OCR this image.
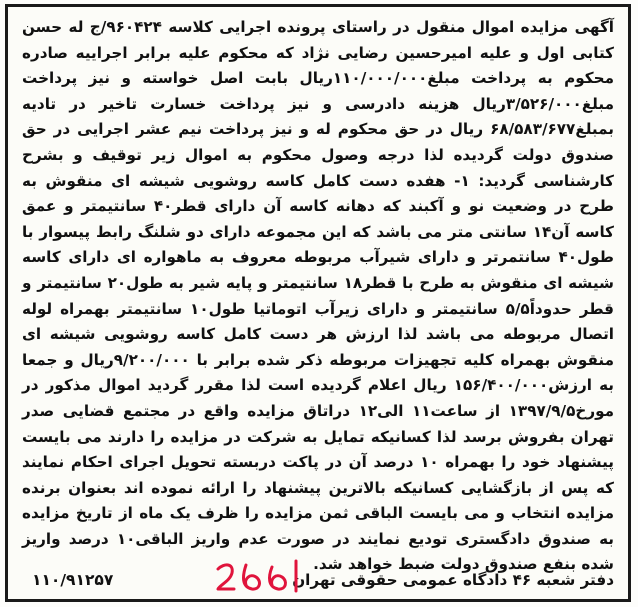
آگهی مزایده اموال منقول در راستای پرونده اجرایی کلاسه ۹۶۰۴۲۴/ج له حسن کتابی اول و علیه امیرحسین رضایی نژاد که محکوم علیه برابر اجراییه صادره محکوم به پرداخت مبلغ۱۱۰/۰۰۰/۰۰۰ریال بابت اصل خواسته و نیز پرداخت مبلغ۳/۵۲۶/۰۰۰ریال هزینه دادرسی و نیز پرداخت خسارت تاخیر در تادیه بمبلغ۶۸/۵۸۳/۶۷۷ ریال در حق محکوم له و نیز پرداخت نیم عشر اجرایی در حق صندوق دولت گردیده لذا درجه وصول محکوم به اموال زیر توقیف و بشرح کارشناسی گردید: ۱- هفده دست کامل کاسه روشویی شیشه ای منقوش به طرح در وضعیت نو و آکبند که دهانه کاسه آن دارای قطر۴۰ سانتیمتر و عمق کاسه آن۱۴ سانتی متر می باشد که این مجموعه دارای دو شلنگ رابط پیسوار با طول۴۰ سانتمرتر و دارای شیرآب مربوطه معروف به ماهواره ای دارای کاسه شیشه ای منقوش به طرح با قطر۱۸ سانتیمتر و پایه شیر به طول۲۰ سانتیمتر و قطر حدوداً۵/۵ سانتیمتر و دارای زیرآب اتوماتیا طول۱۰ سانتیمتر بهمراه لوله اتصال مربوطه می باشد لذا ارزش هر دست کامل کاسه روشویی شیشه ای منقوش بهمراه کلیه تجهیزات مربوطه ذکر شده برابر با ۹/۲۰۰/۰۰۰ریال و جمعا به ارزش۱۵۶/۴۰۰/۰۰۰ ریال اعلام گردیده است لذا مقرر گردید اموال مذکور در مورخ۱۳۹۷/۹/۵ از ساعت۱۱ الی۱۲ دراتاق مزایده واقع در مجتمع قضایی صدر تهران بفروش برسد لذا کسانیکه تمایل به شرکت در مزایده را دارند می بایست پیشنهاد خود را بهمراه ۱۰ درصد آن در پاکت دربسته تحویل اجرای احکام نمایند که پس از بازگشایی کسانیکه بالاترین پیشنهاد را ارائه نموده اند بعنوان برنده مزایده انتخاب و می بایست الباقی ثمن مزایده را ظرف یک ماه از تاریخ مزایده به صندوق دادگستری تودیع نمایند در صورت عدم واریز الباقی۱۰ درصد واریز شده بنفع صندوق دولت ضبط خواهد شد.
دفتر شعبه ۴۶ دادگاه عمومی حقوقی تهران
۱۱۰/۹۱۲۵۷
